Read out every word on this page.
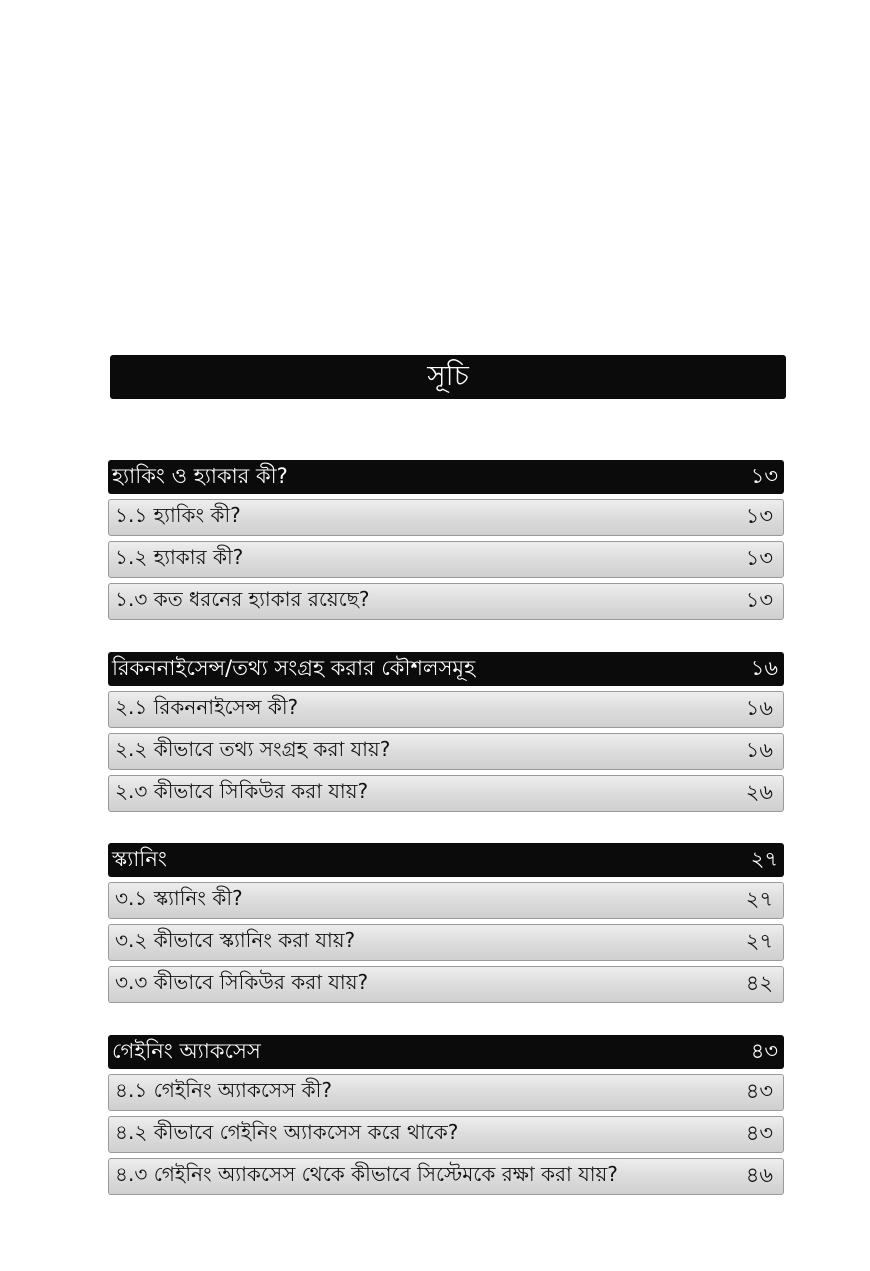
সূচি
হ্যাকিং ও হ্যাকার কী?	১৩
১.১ হ্যাকিং কী?	১৩
১.২ হ্যাকার কী?	১৩
১.৩ কত ধরনের হ্যাকার রয়েছে?	১৩
রিকননাইসেন্স/তথ্য সংগ্রহ করার কৌশলসমূহ	১৬
২.১ রিকননাইসেন্স কী?	১৬
২.২ কীভাবে তথ্য সংগ্রহ করা যায়?	১৬
২.৩ কীভাবে সিকিউর করা যায়?	২৬
স্ক্যানিং	২৭
৩.১ স্ক্যানিং কী?	২৭
৩.২ কীভাবে স্ক্যানিং করা যায়?	২৭
৩.৩ কীভাবে সিকিউর করা যায়?	৪২
গেইনিং অ্যাকসেস	৪৩
৪.১ গেইনিং অ্যাকসেস কী?	৪৩
৪.২ কীভাবে গেইনিং অ্যাকসেস করে থাকে?	৪৩
৪.৩ গেইনিং অ্যাকসেস থেকে কীভাবে সিস্টেমকে রক্ষা করা যায়?	৪৬
